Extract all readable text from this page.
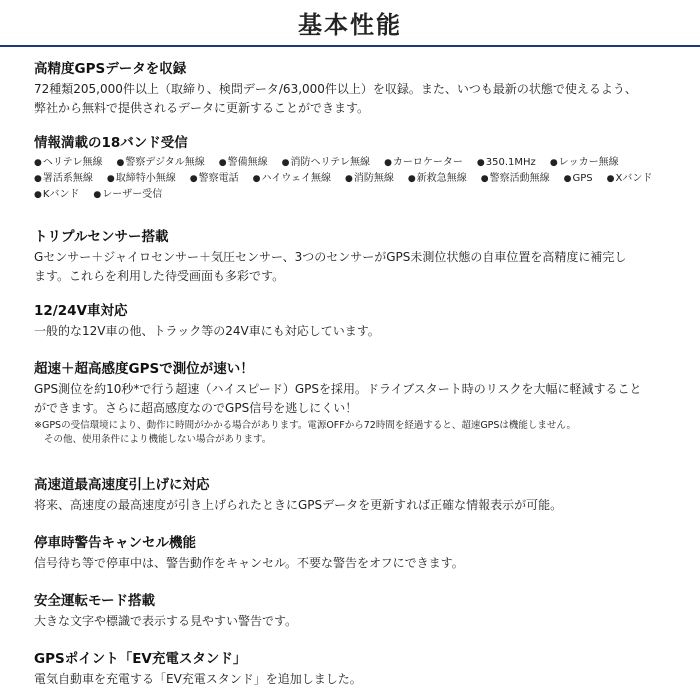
基本性能
高精度GPSデータを収録
72種類205,000件以上（取締り、検問データ/63,000件以上）を収録。また、いつも最新の状態で使えるよう、
弊社から無料で提供されるデータに更新することができます。
情報満載の18バンド受信
●ヘリテレ無線 ●警察デジタル無線 ●警備無線 ●消防ヘリテレ無線 ●カーロケーター ●350.1MHz ●レッカー無線
●署活系無線 ●取締特小無線 ●警察電話 ●ハイウェイ無線 ●消防無線 ●新救急無線 ●警察活動無線 ●GPS ●Xバンド
●Kバンド ●レーザー受信
トリプルセンサー搭載
Gセンサー＋ジャイロセンサー＋気圧センサー、3つのセンサーがGPS未測位状態の自車位置を高精度に補完し
ます。これらを利用した待受画面も多彩です。
12/24V車対応
一般的な12V車の他、トラック等の24V車にも対応しています。
超速＋超高感度GPSで測位が速い！
GPS測位を約10秒*で行う超速（ハイスピード）GPSを採用。ドライブスタート時のリスクを大幅に軽減すること
ができます。さらに超高感度なのでGPS信号を逃しにくい！
※GPSの受信環境により、動作に時間がかかる場合があります。電源OFFから72時間を経過すると、超速GPSは機能しません。
その他、使用条件により機能しない場合があります。
高速道最高速度引上げに対応
将来、高速度の最高速度が引き上げられたときにGPSデータを更新すれば正確な情報表示が可能。
停車時警告キャンセル機能
信号待ち等で停車中は、警告動作をキャンセル。不要な警告をオフにできます。
安全運転モード搭載
大きな文字や標識で表示する見やすい警告です。
GPSポイント「EV充電スタンド」
電気自動車を充電する「EV充電スタンド」を追加しました。
